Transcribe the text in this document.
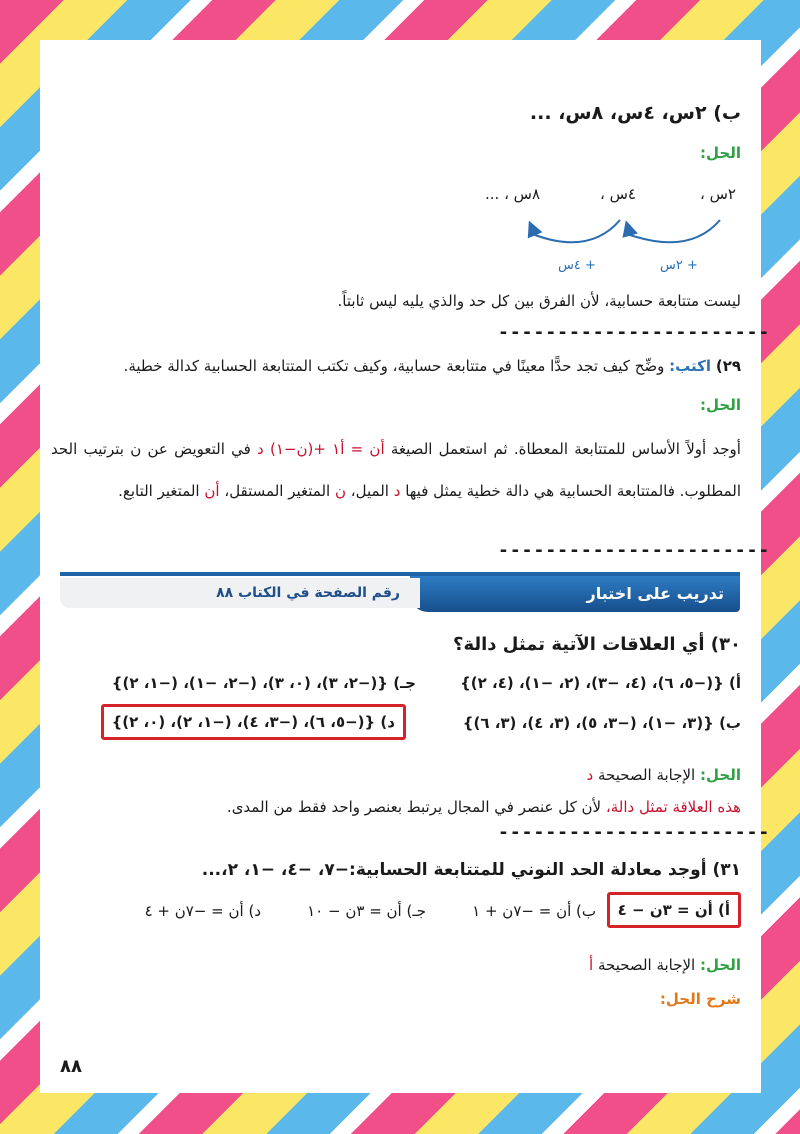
ب) ٢س، ٤س، ٨س، ...
الحل:
٢س ،
٤س ،
٨س ، ...
+ ٢س
+ ٤س
ليست متتابعة حسابية، لأن الفرق بين كل حد والذي يليه ليس ثابتاً.
-----------------------
٢٩) اكتب: وضِّح كيف تجد حدًّا معينًا في متتابعة حسابية، وكيف تكتب المتتابعة الحسابية كدالة خطية.
الحل:
أوجد أولاً الأساس للمتتابعة المعطاة. ثم استعمل الصيغة أن = أ١ +(ن−١) د في التعويض عن ن بترتيب الحد المطلوب. فالمتتابعة الحسابية هي دالة خطية يمثل فيها د الميل، ن المتغير المستقل، أن المتغير التابع.
-----------------------
تدريب على اختبار
رقم الصفحة في الكتاب ٨٨
٣٠) أي العلاقات الآتية تمثل دالة؟
أ) {(−٥، ٦)، (٤، −٣)، (٢، −١)، (٤، ٢)}
جـ) {(−٢، ٣)، (٠، ٣)، (−٢، −١)، (−١، ٢)}
ب) {(٣، −١)، (−٣، ٥)، (٣، ٤)، (٣، ٦)}
د) {(−٥، ٦)، (−٣، ٤)، (−١، ٢)، (٠، ٢)}
الحل: الإجابة الصحيحة د
هذه العلاقة تمثل دالة، لأن كل عنصر في المجال يرتبط بعنصر واحد فقط من المدى.
-----------------------
٣١) أوجد معادلة الحد النوني للمتتابعة الحسابية:−٧، −٤، −١، ٢،...
أ) أن = ٣ن − ٤
ب) أن = −٧ن + ١
جـ) أن = ٣ن − ١٠
د) أن = −٧ن + ٤
الحل: الإجابة الصحيحة أ
شرح الحل:
٨٨
